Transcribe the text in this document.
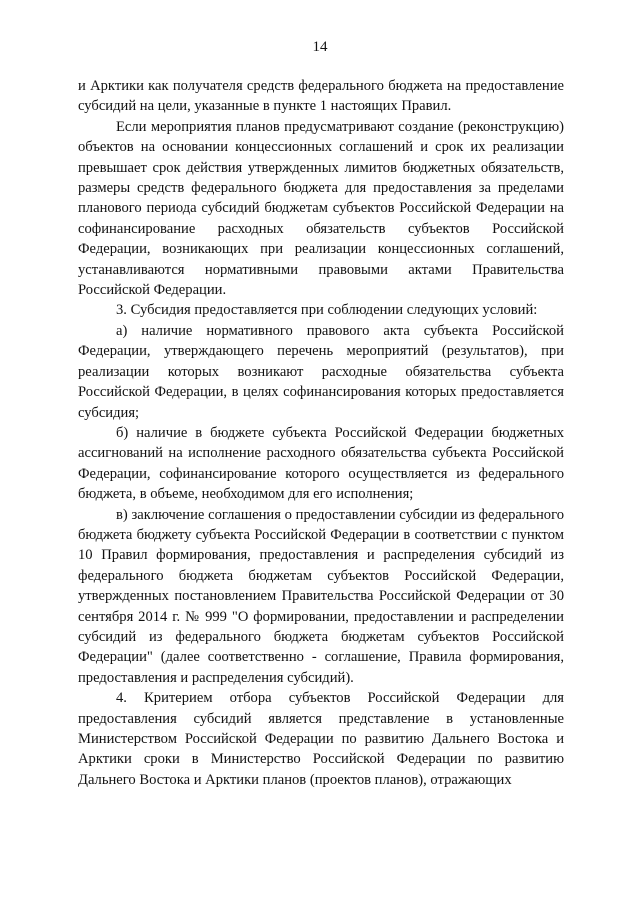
14

и Арктики как получателя средств федерального бюджета на предоставление субсидий на цели, указанные в пункте 1 настоящих Правил.

Если мероприятия планов предусматривают создание (реконструкцию) объектов на основании концессионных соглашений и срок их реализации превышает срок действия утвержденных лимитов бюджетных обязательств, размеры средств федерального бюджета для предоставления за пределами планового периода субсидий бюджетам субъектов Российской Федерации на софинансирование расходных обязательств субъектов Российской Федерации, возникающих при реализации концессионных соглашений, устанавливаются нормативными правовыми актами Правительства Российской Федерации.

3. Субсидия предоставляется при соблюдении следующих условий:

а) наличие нормативного правового акта субъекта Российской Федерации, утверждающего перечень мероприятий (результатов), при реализации которых возникают расходные обязательства субъекта Российской Федерации, в целях софинансирования которых предоставляется субсидия;

б) наличие в бюджете субъекта Российской Федерации бюджетных ассигнований на исполнение расходного обязательства субъекта Российской Федерации, софинансирование которого осуществляется из федерального бюджета, в объеме, необходимом для его исполнения;

в) заключение соглашения о предоставлении субсидии из федерального бюджета бюджету субъекта Российской Федерации в соответствии с пунктом 10 Правил формирования, предоставления и распределения субсидий из федерального бюджета бюджетам субъектов Российской Федерации, утвержденных постановлением Правительства Российской Федерации от 30 сентября 2014 г. № 999 "О формировании, предоставлении и распределении субсидий из федерального бюджета бюджетам субъектов Российской Федерации" (далее соответственно - соглашение, Правила формирования, предоставления и распределения субсидий).

4. Критерием отбора субъектов Российской Федерации для предоставления субсидий является представление в установленные Министерством Российской Федерации по развитию Дальнего Востока и Арктики сроки в Министерство Российской Федерации по развитию Дальнего Востока и Арктики планов (проектов планов), отражающих
